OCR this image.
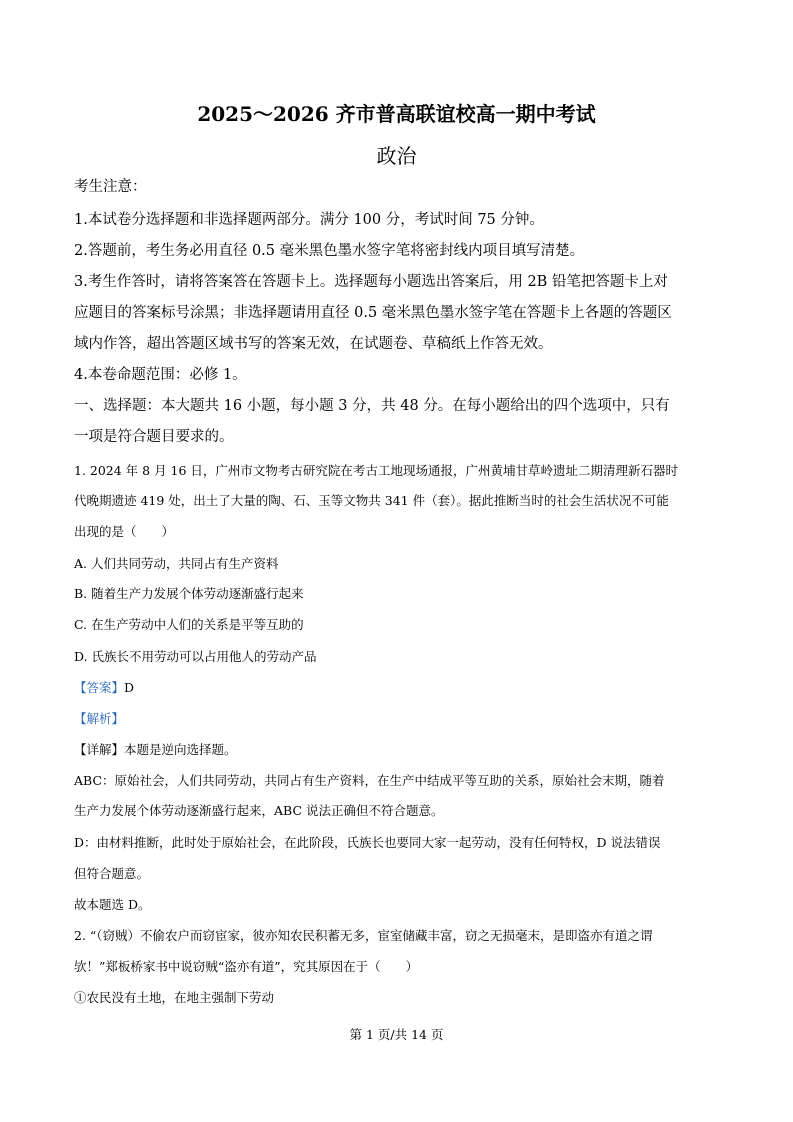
2025～2026 齐市普高联谊校高一期中考试
政治

考生注意：

1.本试卷分选择题和非选择题两部分。满分 100 分，考试时间 75 分钟。

2.答题前，考生务必用直径 0.5 毫米黑色墨水签字笔将密封线内项目填写清楚。

3.考生作答时，请将答案答在答题卡上。选择题每小题选出答案后，用 2B 铅笔把答题卡上对

应题目的答案标号涂黑；非选择题请用直径 0.5 毫米黑色墨水签字笔在答题卡上各题的答题区

域内作答，超出答题区域书写的答案无效，在试题卷、草稿纸上作答无效。

4.本卷命题范围：必修 1。

一、选择题：本大题共 16 小题，每小题 3 分，共 48 分。在每小题给出的四个选项中，只有

一项是符合题目要求的。

1. 2024 年 8 月 16 日，广州市文物考古研究院在考古工地现场通报，广州黄埔甘草岭遗址二期清理新石器时

代晚期遗迹 419 处，出土了大量的陶、石、玉等文物共 341 件（套）。据此推断当时的社会生活状况不可能

出现的是（　　）

A. 人们共同劳动，共同占有生产资料

B. 随着生产力发展个体劳动逐渐盛行起来

C. 在生产劳动中人们的关系是平等互助的

D. 氏族长不用劳动可以占用他人的劳动产品

【答案】D

【解析】

【详解】本题是逆向选择题。

ABC：原始社会，人们共同劳动，共同占有生产资料，在生产中结成平等互助的关系，原始社会末期，随着

生产力发展个体劳动逐渐盛行起来，ABC 说法正确但不符合题意。

D：由材料推断，此时处于原始社会，在此阶段，氏族长也要同大家一起劳动，没有任何特权，D 说法错误

但符合题意。

故本题选 D。

2. “（窃贼）不偷农户而窃宦家，彼亦知农民积蓄无多，宦室储藏丰富，窃之无损毫末，是即盗亦有道之谓

欤！”郑板桥家书中说窃贼“盗亦有道”，究其原因在于（　　）

①农民没有土地，在地主强制下劳动

第 1 页/共 14 页
